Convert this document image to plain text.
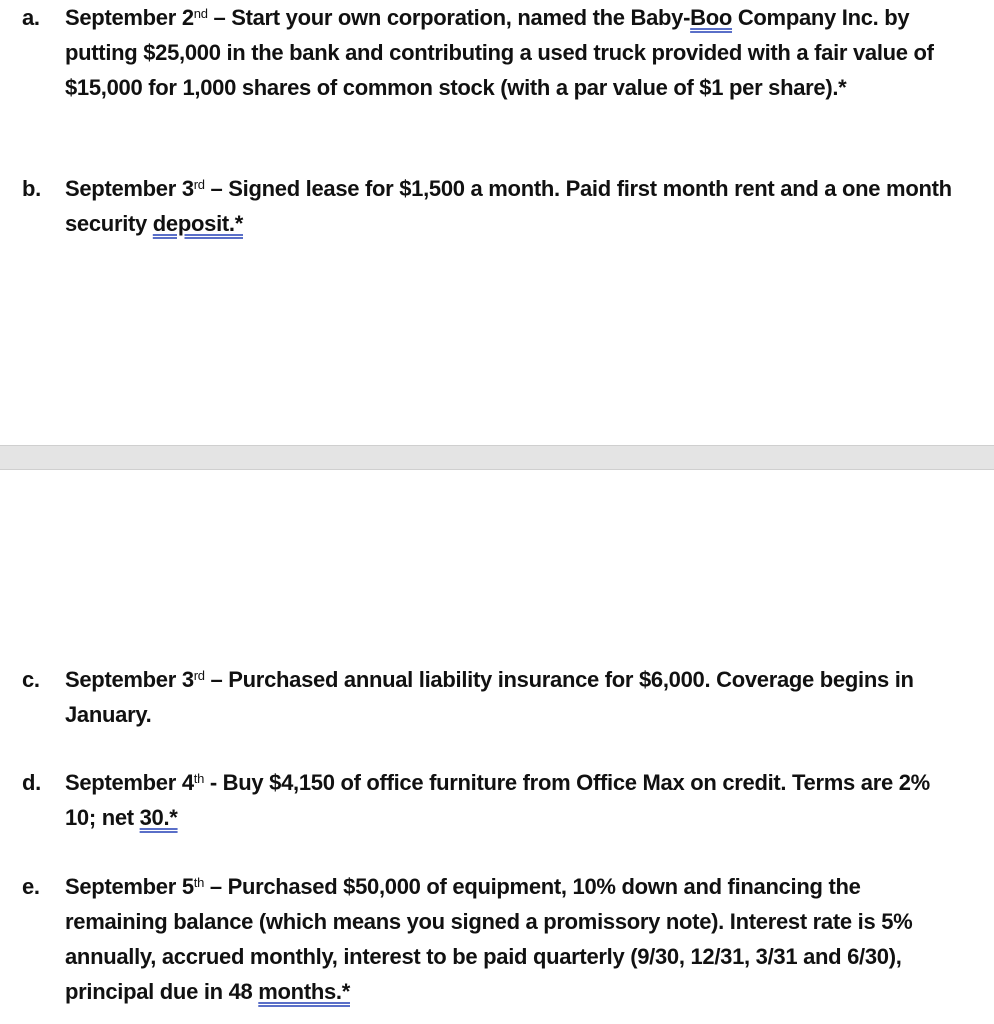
a.	September 2nd – Start your own corporation, named the Baby-Boo Company Inc. by putting $25,000 in the bank and contributing a used truck provided with a fair value of $15,000 for 1,000 shares of common stock (with a par value of $1 per share).*
b.	September 3rd – Signed lease for $1,500 a month. Paid first month rent and a one month security deposit.*
c.	September 3rd – Purchased annual liability insurance for $6,000. Coverage begins in January.
d.	September 4th - Buy $4,150 of office furniture from Office Max on credit. Terms are 2% 10; net 30.*
e.	September 5th – Purchased $50,000 of equipment, 10% down and financing the remaining balance (which means you signed a promissory note). Interest rate is 5% annually, accrued monthly, interest to be paid quarterly (9/30, 12/31, 3/31 and 6/30), principal due in 48 months.*
